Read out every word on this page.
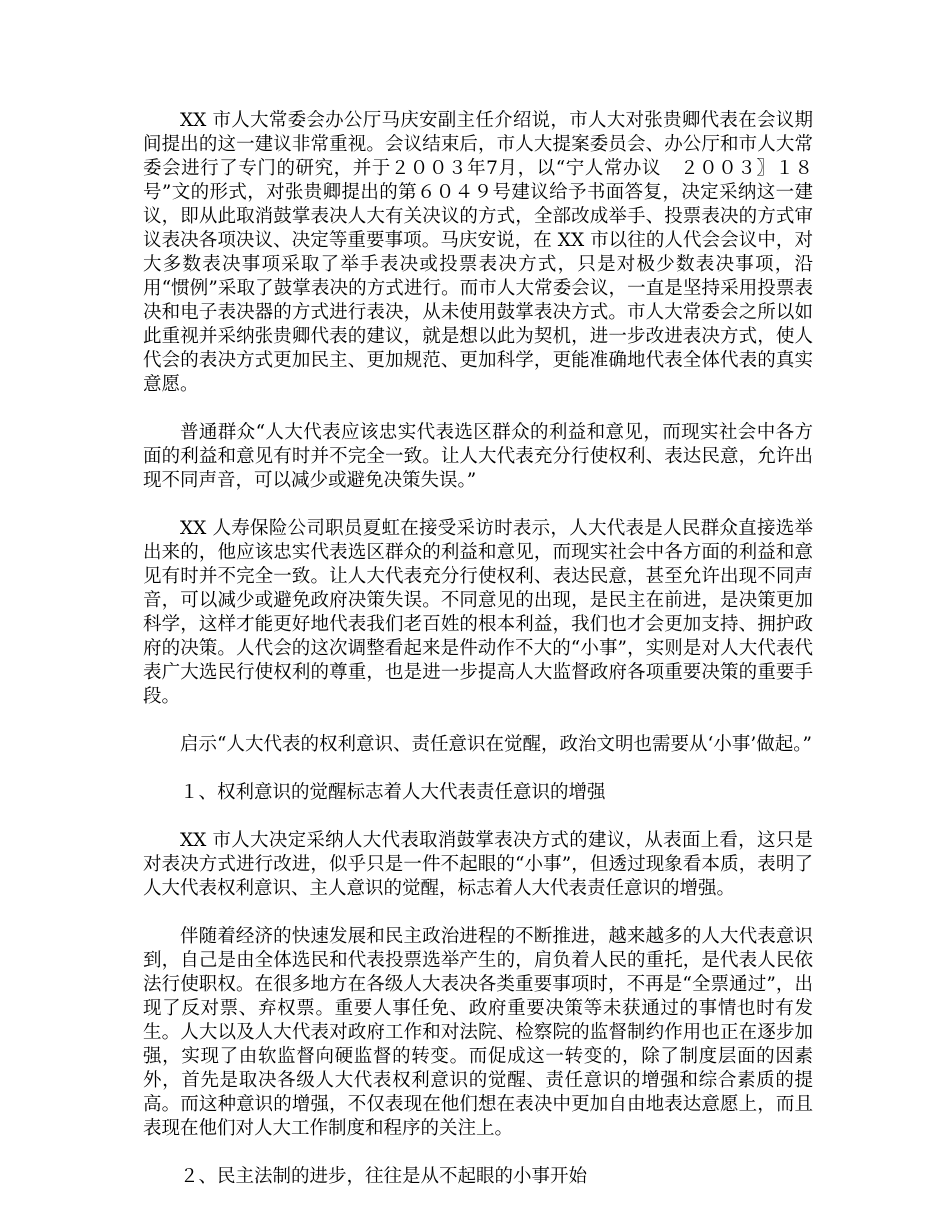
XX 市人大常委会办公厅马庆安副主任介绍说，市人大对张贵卿代表在会议期间提出的这一建议非常重视。会议结束后，市人大提案委员会、办公厅和市人大常委会进行了专门的研究，并于２００３年7月，以“宁人常办议　２００３〗１８号”文的形式，对张贵卿提出的第６０４９号建议给予书面答复，决定采纳这一建议，即从此取消鼓掌表决人大有关决议的方式，全部改成举手、投票表决的方式审议表决各项决议、决定等重要事项。马庆安说，在 XX 市以往的人代会会议中，对大多数表决事项采取了举手表决或投票表决方式，只是对极少数表决事项，沿用“惯例”采取了鼓掌表决的方式进行。而市人大常委会议，一直是坚持采用投票表决和电子表决器的方式进行表决，从未使用鼓掌表决方式。市人大常委会之所以如此重视并采纳张贵卿代表的建议，就是想以此为契机，进一步改进表决方式，使人代会的表决方式更加民主、更加规范、更加科学，更能准确地代表全体代表的真实意愿。

普通群众“人大代表应该忠实代表选区群众的利益和意见，而现实社会中各方面的利益和意见有时并不完全一致。让人大代表充分行使权利、表达民意，允许出现不同声音，可以减少或避免决策失误。”

XX 人寿保险公司职员夏虹在接受采访时表示，人大代表是人民群众直接选举出来的，他应该忠实代表选区群众的利益和意见，而现实社会中各方面的利益和意见有时并不完全一致。让人大代表充分行使权利、表达民意，甚至允许出现不同声音，可以减少或避免政府决策失误。不同意见的出现，是民主在前进，是决策更加科学，这样才能更好地代表我们老百姓的根本利益，我们也才会更加支持、拥护政府的决策。人代会的这次调整看起来是件动作不大的“小事”，实则是对人大代表代表广大选民行使权利的尊重，也是进一步提高人大监督政府各项重要决策的重要手段。

启示“人大代表的权利意识、责任意识在觉醒，政治文明也需要从‘小事’做起。”

１、权利意识的觉醒标志着人大代表责任意识的增强

XX 市人大决定采纳人大代表取消鼓掌表决方式的建议，从表面上看，这只是对表决方式进行改进，似乎只是一件不起眼的“小事”，但透过现象看本质，表明了人大代表权利意识、主人意识的觉醒，标志着人大代表责任意识的增强。

伴随着经济的快速发展和民主政治进程的不断推进，越来越多的人大代表意识到，自己是由全体选民和代表投票选举产生的，肩负着人民的重托，是代表人民依法行使职权。在很多地方在各级人大表决各类重要事项时，不再是“全票通过”，出现了反对票、弃权票。重要人事任免、政府重要决策等未获通过的事情也时有发生。人大以及人大代表对政府工作和对法院、检察院的监督制约作用也正在逐步加强，实现了由软监督向硬监督的转变。而促成这一转变的，除了制度层面的因素外，首先是取决各级人大代表权利意识的觉醒、责任意识的增强和综合素质的提高。而这种意识的增强，不仅表现在他们想在表决中更加自由地表达意愿上，而且表现在他们对人大工作制度和程序的关注上。

２、民主法制的进步，往往是从不起眼的小事开始
